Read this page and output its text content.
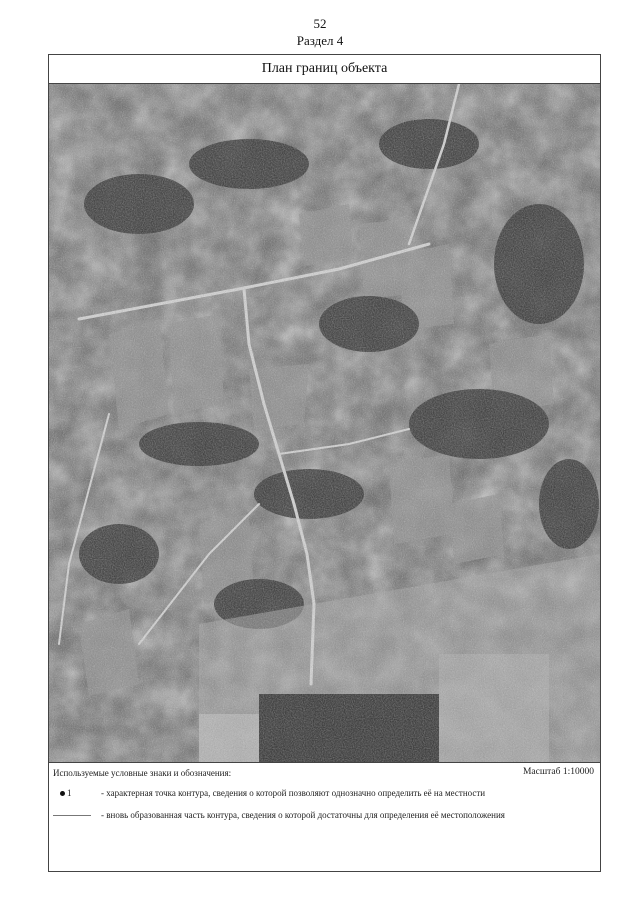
52
Раздел 4
План границ объекта
Используемые условные знаки и обозначения:	Масштаб 1:10000
1	- характерная точка контура, сведения о которой позволяют однозначно определить её на местности
- вновь образованная часть контура, сведения о которой достаточны для определения её местоположения
